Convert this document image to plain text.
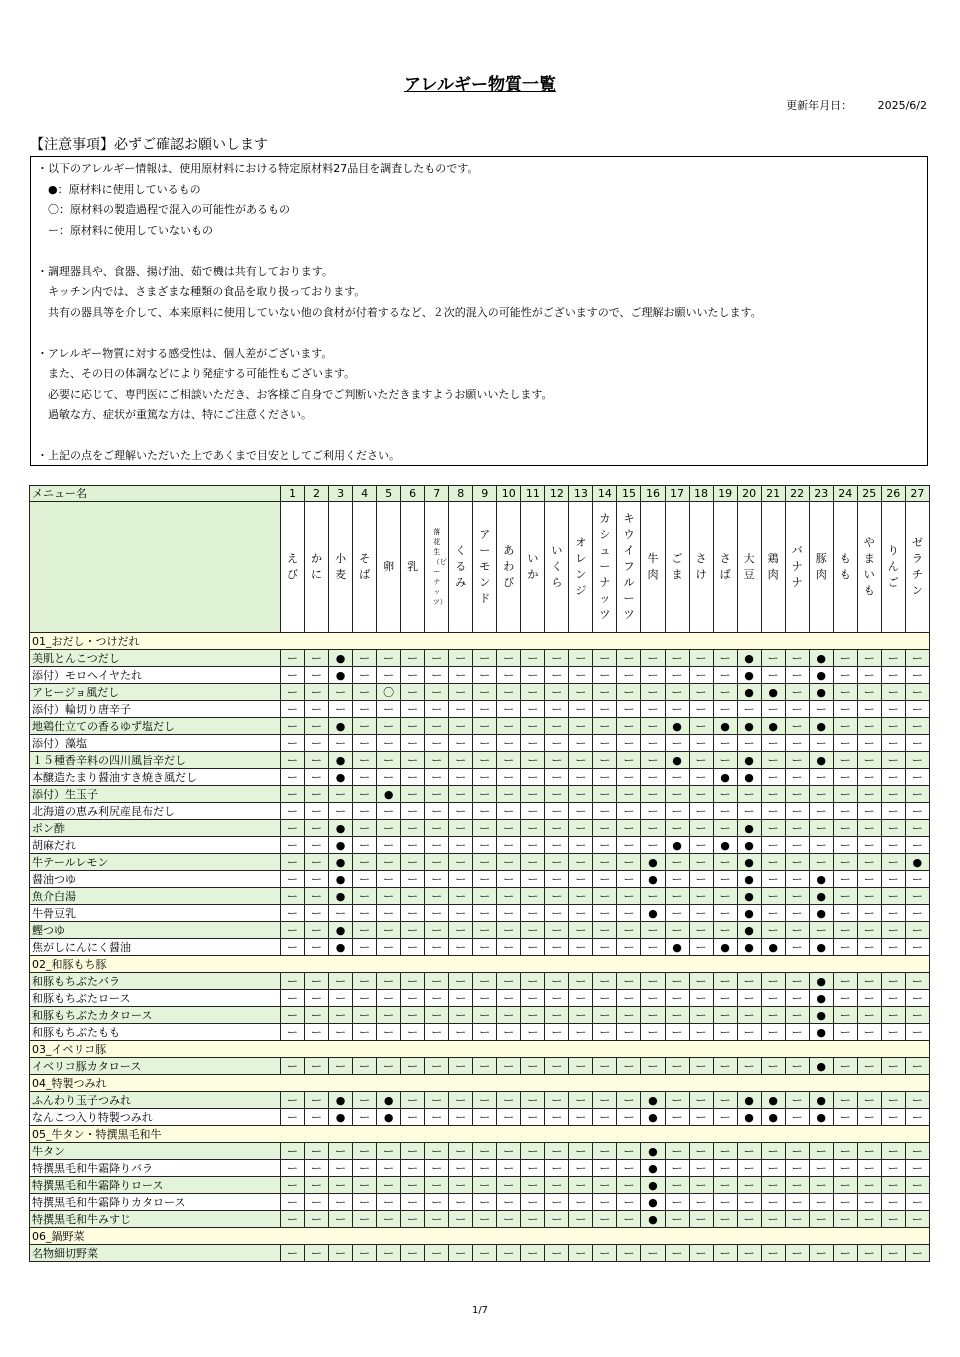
アレルギー物質一覧
更新年月日： 2025/6/2
【注意事項】必ずご確認お願いします
・以下のアレルギー情報は、使用原材料における特定原材料27品目を調査したものです。
　●：原材料に使用しているもの
　〇：原材料の製造過程で混入の可能性があるもの
　ー：原材料に使用していないもの
・調理器具や、食器、揚げ油、茹で機は共有しております。
　キッチン内では、さまざまな種類の食品を取り扱っております。
　共有の器具等を介して、本来原料に使用していない他の食材が付着するなど、２次的混入の可能性がございますので、ご理解お願いいたします。
・アレルギー物質に対する感受性は、個人差がございます。
　また、その日の体調などにより発症する可能性もございます。
　必要に応じて、専門医にご相談いただき、お客様ご自身でご判断いただきますようお願いいたします。
　過敏な方、症状が重篤な方は、特にご注意ください。
・上記の点をご理解いただいた上であくまで目安としてご利用ください。
メニュー名	1	2	3	4	5	6	7	8	9	10	11	12	13	14	15	16	17	18	19	20	21	22	23	24	25	26	27
	えび	かに	小麦	そば	卵	乳	落花生（ピーナッツ）	くるみ	アーモンド	あわび	いか	いくら	オレンジ	カシューナッツ	キウイフルーツ	牛肉	ごま	さけ	さば	大豆	鶏肉	バナナ	豚肉	もも	やまいも	りんご	ゼラチン
01_おだし・つけだれ																											
美肌とんこつだし	ー	ー	●	ー	ー	ー	ー	ー	ー	ー	ー	ー	ー	ー	ー	ー	ー	ー	ー	●	ー	ー	●	ー	ー	ー	ー
添付）モロヘイヤたれ	ー	ー	●	ー	ー	ー	ー	ー	ー	ー	ー	ー	ー	ー	ー	ー	ー	ー	ー	●	ー	ー	●	ー	ー	ー	ー
アヒージョ風だし	ー	ー	ー	ー	〇	ー	ー	ー	ー	ー	ー	ー	ー	ー	ー	ー	ー	ー	ー	●	●	ー	●	ー	ー	ー	ー
添付）輪切り唐辛子	ー	ー	ー	ー	ー	ー	ー	ー	ー	ー	ー	ー	ー	ー	ー	ー	ー	ー	ー	ー	ー	ー	ー	ー	ー	ー	ー
地鶏仕立ての香るゆず塩だし	ー	ー	●	ー	ー	ー	ー	ー	ー	ー	ー	ー	ー	ー	ー	ー	●	ー	●	●	●	ー	●	ー	ー	ー	ー
添付）藻塩	ー	ー	ー	ー	ー	ー	ー	ー	ー	ー	ー	ー	ー	ー	ー	ー	ー	ー	ー	ー	ー	ー	ー	ー	ー	ー	ー
１５種香辛料の四川風旨辛だし	ー	ー	●	ー	ー	ー	ー	ー	ー	ー	ー	ー	ー	ー	ー	ー	●	ー	ー	●	ー	ー	●	ー	ー	ー	ー
本醸造たまり醤油すき焼き風だし	ー	ー	●	ー	ー	ー	ー	ー	ー	ー	ー	ー	ー	ー	ー	ー	ー	ー	●	●	ー	ー	ー	ー	ー	ー	ー
添付）生玉子	ー	ー	ー	ー	●	ー	ー	ー	ー	ー	ー	ー	ー	ー	ー	ー	ー	ー	ー	ー	ー	ー	ー	ー	ー	ー	ー
北海道の恵み利尻産昆布だし	ー	ー	ー	ー	ー	ー	ー	ー	ー	ー	ー	ー	ー	ー	ー	ー	ー	ー	ー	ー	ー	ー	ー	ー	ー	ー	ー
ポン酢	ー	ー	●	ー	ー	ー	ー	ー	ー	ー	ー	ー	ー	ー	ー	ー	ー	ー	ー	●	ー	ー	ー	ー	ー	ー	ー
胡麻だれ	ー	ー	●	ー	ー	ー	ー	ー	ー	ー	ー	ー	ー	ー	ー	ー	●	ー	●	●	ー	ー	ー	ー	ー	ー	ー
牛テールレモン	ー	ー	●	ー	ー	ー	ー	ー	ー	ー	ー	ー	ー	ー	ー	●	ー	ー	ー	●	ー	ー	ー	ー	ー	ー	●
醤油つゆ	ー	ー	●	ー	ー	ー	ー	ー	ー	ー	ー	ー	ー	ー	ー	●	ー	ー	ー	●	ー	ー	●	ー	ー	ー	ー
魚介白湯	ー	ー	●	ー	ー	ー	ー	ー	ー	ー	ー	ー	ー	ー	ー	ー	ー	ー	ー	●	ー	ー	●	ー	ー	ー	ー
牛骨豆乳	ー	ー	ー	ー	ー	ー	ー	ー	ー	ー	ー	ー	ー	ー	ー	●	ー	ー	ー	●	ー	ー	●	ー	ー	ー	ー
鰹つゆ	ー	ー	●	ー	ー	ー	ー	ー	ー	ー	ー	ー	ー	ー	ー	ー	ー	ー	ー	●	ー	ー	ー	ー	ー	ー	ー
焦がしにんにく醤油	ー	ー	●	ー	ー	ー	ー	ー	ー	ー	ー	ー	ー	ー	ー	ー	●	ー	●	●	●	ー	●	ー	ー	ー	ー
02_和豚もち豚																											
和豚もちぶたバラ	ー	ー	ー	ー	ー	ー	ー	ー	ー	ー	ー	ー	ー	ー	ー	ー	ー	ー	ー	ー	ー	ー	●	ー	ー	ー	ー
和豚もちぶたロース	ー	ー	ー	ー	ー	ー	ー	ー	ー	ー	ー	ー	ー	ー	ー	ー	ー	ー	ー	ー	ー	ー	●	ー	ー	ー	ー
和豚もちぶたカタロース	ー	ー	ー	ー	ー	ー	ー	ー	ー	ー	ー	ー	ー	ー	ー	ー	ー	ー	ー	ー	ー	ー	●	ー	ー	ー	ー
和豚もちぶたもも	ー	ー	ー	ー	ー	ー	ー	ー	ー	ー	ー	ー	ー	ー	ー	ー	ー	ー	ー	ー	ー	ー	●	ー	ー	ー	ー
03_イベリコ豚																											
イベリコ豚カタロース	ー	ー	ー	ー	ー	ー	ー	ー	ー	ー	ー	ー	ー	ー	ー	ー	ー	ー	ー	ー	ー	ー	●	ー	ー	ー	ー
04_特製つみれ																											
ふんわり玉子つみれ	ー	ー	●	ー	●	ー	ー	ー	ー	ー	ー	ー	ー	ー	ー	●	ー	ー	ー	●	●	ー	●	ー	ー	ー	ー
なんこつ入り特製つみれ	ー	ー	●	ー	●	ー	ー	ー	ー	ー	ー	ー	ー	ー	ー	●	ー	ー	ー	●	●	ー	●	ー	ー	ー	ー
05_牛タン・特撰黒毛和牛																											
牛タン	ー	ー	ー	ー	ー	ー	ー	ー	ー	ー	ー	ー	ー	ー	ー	●	ー	ー	ー	ー	ー	ー	ー	ー	ー	ー	ー
特撰黒毛和牛霜降りバラ	ー	ー	ー	ー	ー	ー	ー	ー	ー	ー	ー	ー	ー	ー	ー	●	ー	ー	ー	ー	ー	ー	ー	ー	ー	ー	ー
特撰黒毛和牛霜降りロース	ー	ー	ー	ー	ー	ー	ー	ー	ー	ー	ー	ー	ー	ー	ー	●	ー	ー	ー	ー	ー	ー	ー	ー	ー	ー	ー
特撰黒毛和牛霜降りカタロース	ー	ー	ー	ー	ー	ー	ー	ー	ー	ー	ー	ー	ー	ー	ー	●	ー	ー	ー	ー	ー	ー	ー	ー	ー	ー	ー
特撰黒毛和牛みすじ	ー	ー	ー	ー	ー	ー	ー	ー	ー	ー	ー	ー	ー	ー	ー	●	ー	ー	ー	ー	ー	ー	ー	ー	ー	ー	ー
06_鍋野菜																											
名物細切野菜	ー	ー	ー	ー	ー	ー	ー	ー	ー	ー	ー	ー	ー	ー	ー	ー	ー	ー	ー	ー	ー	ー	ー	ー	ー	ー	ー
1/7
